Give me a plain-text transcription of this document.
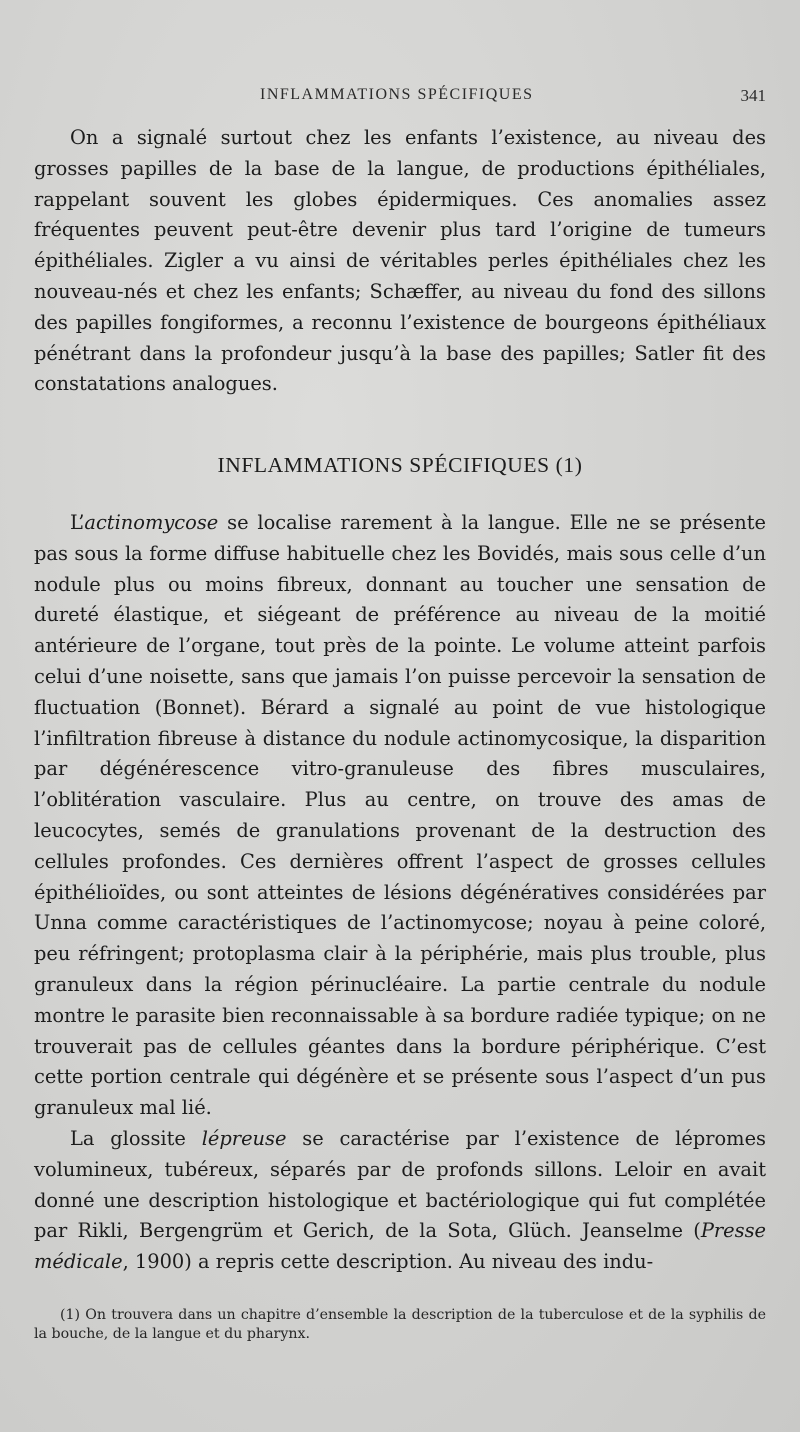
INFLAMMATIONS SPÉCIFIQUES	341

On a signalé surtout chez les enfants l’existence, au niveau des grosses papilles de la base de la langue, de productions épithéliales, rappelant souvent les globes épidermiques. Ces anomalies assez fréquentes peuvent peut-être devenir plus tard l’origine de tumeurs épithéliales. Zigler a vu ainsi de véritables perles épithéliales chez les nouveau-nés et chez les enfants; Schæffer, au niveau du fond des sillons des papilles fongiformes, a reconnu l’existence de bourgeons épithéliaux pénétrant dans la profondeur jusqu’à la base des papilles; Satler fit des constatations analogues.

INFLAMMATIONS SPÉCIFIQUES (1)

L’actinomycose se localise rarement à la langue. Elle ne se présente pas sous la forme diffuse habituelle chez les Bovidés, mais sous celle d’un nodule plus ou moins fibreux, donnant au toucher une sensation de dureté élastique, et siégeant de préférence au niveau de la moitié antérieure de l’organe, tout près de la pointe. Le volume atteint parfois celui d’une noisette, sans que jamais l’on puisse percevoir la sensation de fluctuation (Bonnet). Bérard a signalé au point de vue histologique l’infiltration fibreuse à distance du nodule actinomycosique, la disparition par dégénérescence vitro-granuleuse des fibres musculaires, l’oblitération vasculaire. Plus au centre, on trouve des amas de leucocytes, semés de granulations provenant de la destruction des cellules profondes. Ces dernières offrent l’aspect de grosses cellules épithélioïdes, ou sont atteintes de lésions dégénératives considérées par Unna comme caractéristiques de l’actinomycose; noyau à peine coloré, peu réfringent; protoplasma clair à la périphérie, mais plus trouble, plus granuleux dans la région périnucléaire. La partie centrale du nodule montre le parasite bien reconnaissable à sa bordure radiée typique; on ne trouverait pas de cellules géantes dans la bordure périphérique. C’est cette portion centrale qui dégénère et se présente sous l’aspect d’un pus granuleux mal lié.

La glossite lépreuse se caractérise par l’existence de lépromes volumineux, tubéreux, séparés par de profonds sillons. Leloir en avait donné une description histologique et bactériologique qui fut complétée par Rikli, Bergengrüm et Gerich, de la Sota, Glüch. Jeanselme (Presse médicale, 1900) a repris cette description. Au niveau des indu-

(1) On trouvera dans un chapitre d’ensemble la description de la tuberculose et de la syphilis de la bouche, de la langue et du pharynx.
